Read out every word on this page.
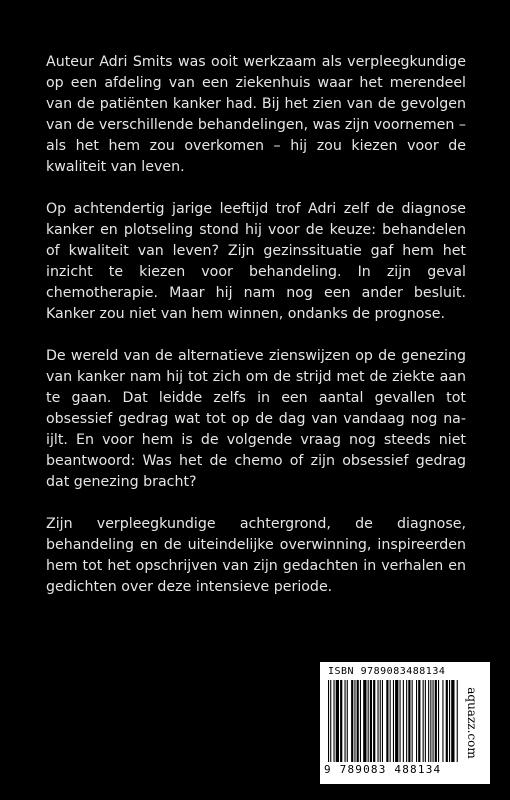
Auteur Adri Smits was ooit werkzaam als verpleegkundige op een afdeling van een ziekenhuis waar het merendeel van de patiënten kanker had. Bij het zien van de gevolgen van de verschillende behandelingen, was zijn voornemen – als het hem zou overkomen – hij zou kiezen voor de kwaliteit van leven.

Op achtendertig jarige leeftijd trof Adri zelf de diagnose kanker en plotseling stond hij voor de keuze: behandelen of kwaliteit van leven? Zijn gezinssituatie gaf hem het inzicht te kiezen voor behandeling. In zijn geval chemotherapie. Maar hij nam nog een ander besluit. Kanker zou niet van hem winnen, ondanks de prognose.

De wereld van de alternatieve zienswijzen op de genezing van kanker nam hij tot zich om de strijd met de ziekte aan te gaan. Dat leidde zelfs in een aantal gevallen tot obsessief gedrag wat tot op de dag van vandaag nog na-ijlt. En voor hem is de volgende vraag nog steeds niet beantwoord: Was het de chemo of zijn obsessief gedrag dat genezing bracht?

Zijn verpleegkundige achtergrond, de diagnose, behandeling en de uiteindelijke overwinning, inspireerden hem tot het opschrijven van zijn gedachten in verhalen en gedichten over deze intensieve periode.

ISBN 9789083488134
9 789083 488134
aquazz.com
